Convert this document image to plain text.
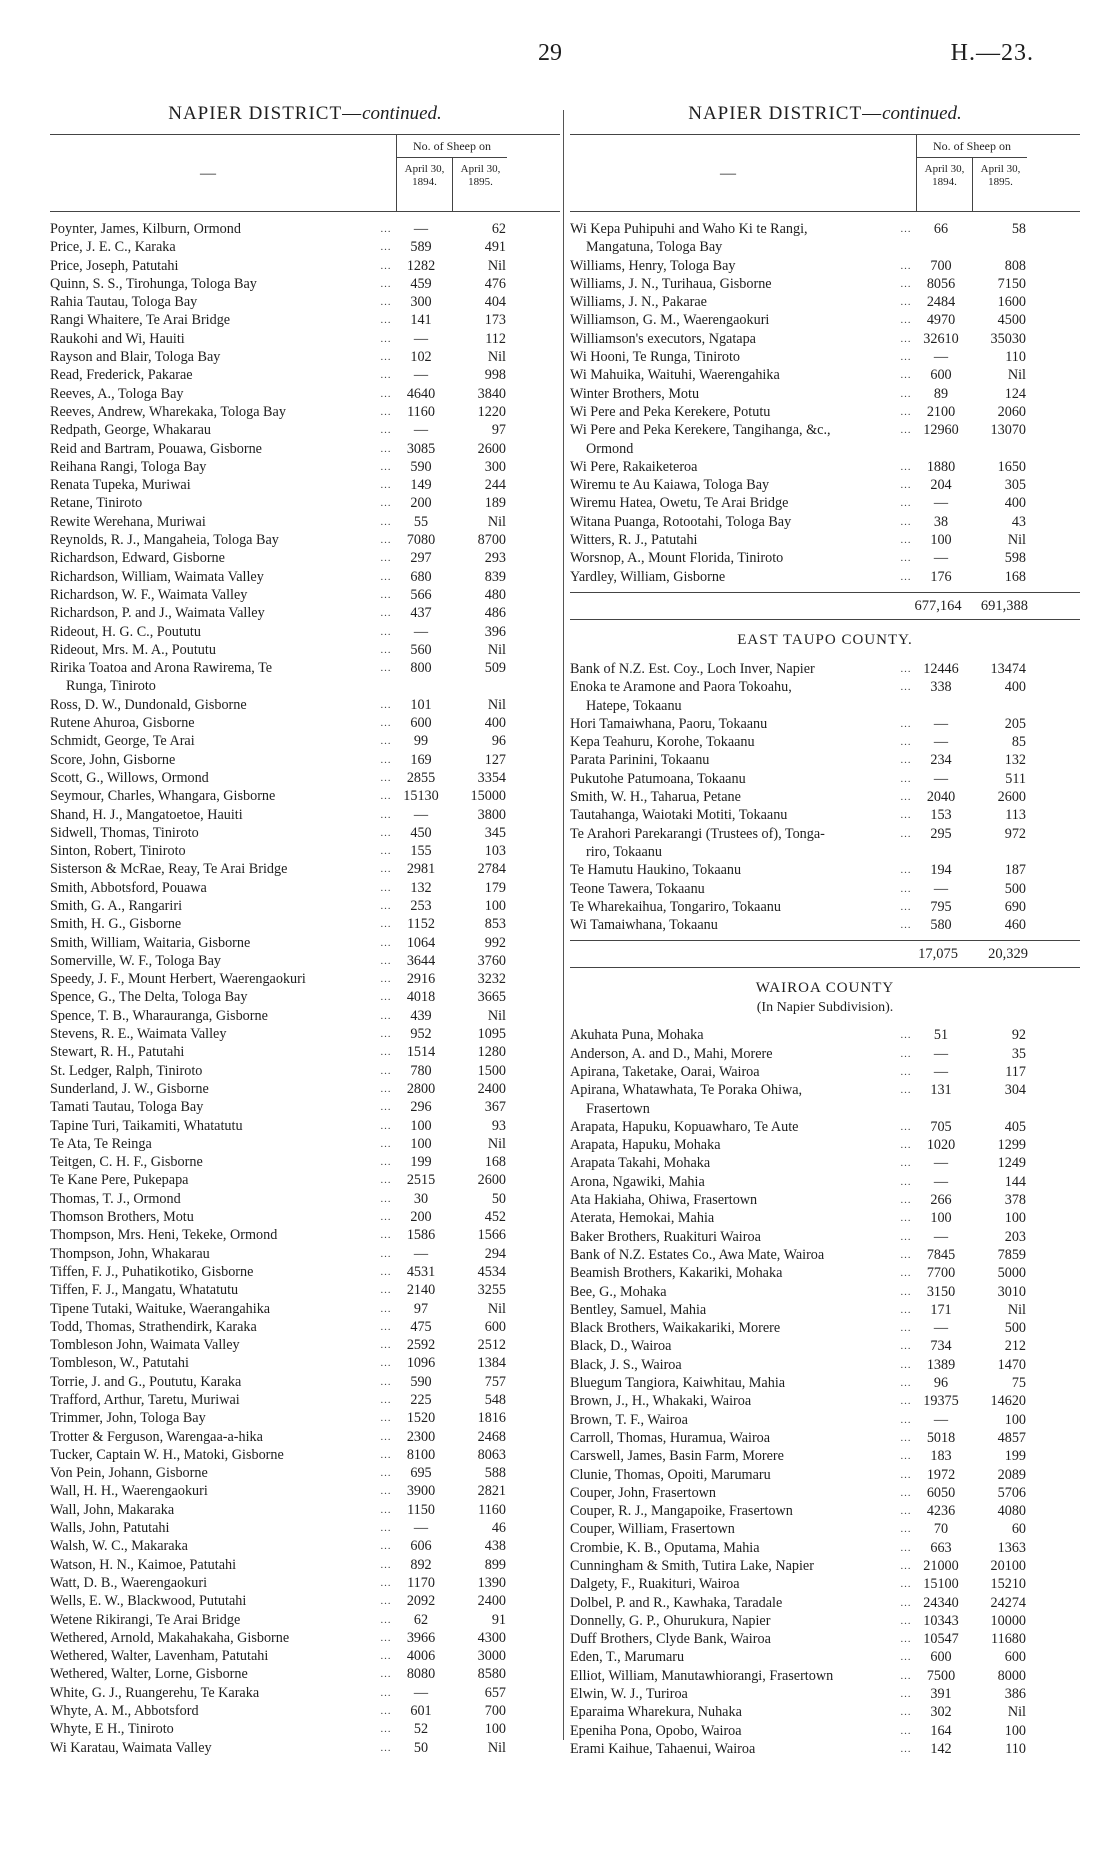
29	H.—23.
NAPIER DISTRICT—continued.
—
No. of Sheep on
April 30, 1894.
April 30, 1895.
Poynter, James, Kilburn, Ormond	—	62
…
Price, J. E. C., Karaka	589	491
…
Price, Joseph, Patutahi	1282	Nil
…
Quinn, S. S., Tirohunga, Tologa Bay	459	476
…
Rahia Tautau, Tologa Bay	300	404
…
Rangi Whaitere, Te Arai Bridge	141	173
…
Raukohi and Wi, Hauiti	—	112
…
Rayson and Blair, Tologa Bay	102	Nil
…
Read, Frederick, Pakarae	—	998
…
Reeves, A., Tologa Bay	4640	3840
…
Reeves, Andrew, Wharekaka, Tologa Bay	1160	1220
…
Redpath, George, Whakarau	—	97
…
Reid and Bartram, Pouawa, Gisborne	3085	2600
…
Reihana Rangi, Tologa Bay	590	300
…
Renata Tupeka, Muriwai	149	244
…
Retane, Tiniroto	200	189
…
Rewite Werehana, Muriwai	55	Nil
…
Reynolds, R. J., Mangaheia, Tologa Bay	7080	8700
…
Richardson, Edward, Gisborne	297	293
…
Richardson, William, Waimata Valley	680	839
…
Richardson, W. F., Waimata Valley	566	480
…
Richardson, P. and J., Waimata Valley	437	486
…
Rideout, H. G. C., Poututu	—	396
…
Rideout, Mrs. M. A., Poututu	560	Nil
…
Ririka Toatoa and Arona Rawirema, Te	800	509
…
Runga, Tiniroto
Ross, D. W., Dundonald, Gisborne	101	Nil
…
Rutene Ahuroa, Gisborne	600	400
…
Schmidt, George, Te Arai	99	96
…
Score, John, Gisborne	169	127
…
Scott, G., Willows, Ormond	2855	3354
…
Seymour, Charles, Whangara, Gisborne	15130	15000
…
Shand, H. J., Mangatoetoe, Hauiti	—	3800
…
Sidwell, Thomas, Tiniroto	450	345
…
Sinton, Robert, Tiniroto	155	103
…
Sisterson & McRae, Reay, Te Arai Bridge	2981	2784
…
Smith, Abbotsford, Pouawa	132	179
…
Smith, G. A., Rangariri	253	100
…
Smith, H. G., Gisborne	1152	853
…
Smith, William, Waitaria, Gisborne	1064	992
…
Somerville, W. F., Tologa Bay	3644	3760
…
Speedy, J. F., Mount Herbert, Waerengaokuri	2916	3232
…
Spence, G., The Delta, Tologa Bay	4018	3665
…
Spence, T. B., Wharauranga, Gisborne	439	Nil
…
Stevens, R. E., Waimata Valley	952	1095
…
Stewart, R. H., Patutahi	1514	1280
…
St. Ledger, Ralph, Tiniroto	780	1500
…
Sunderland, J. W., Gisborne	2800	2400
…
Tamati Tautau, Tologa Bay	296	367
…
Tapine Turi, Taikamiti, Whatatutu	100	93
…
Te Ata, Te Reinga	100	Nil
…
Teitgen, C. H. F., Gisborne	199	168
…
Te Kane Pere, Pukepapa	2515	2600
…
Thomas, T. J., Ormond	30	50
…
Thomson Brothers, Motu	200	452
…
Thompson, Mrs. Heni, Tekeke, Ormond	1586	1566
…
Thompson, John, Whakarau	—	294
…
Tiffen, F. J., Puhatikotiko, Gisborne	4531	4534
…
Tiffen, F. J., Mangatu, Whatatutu	2140	3255
…
Tipene Tutaki, Waituke, Waerangahika	97	Nil
…
Todd, Thomas, Strathendirk, Karaka	475	600
…
Tombleson John, Waimata Valley	2592	2512
…
Tombleson, W., Patutahi	1096	1384
…
Torrie, J. and G., Poututu, Karaka	590	757
…
Trafford, Arthur, Taretu, Muriwai	225	548
…
Trimmer, John, Tologa Bay	1520	1816
…
Trotter & Ferguson, Warengaa-a-hika	2300	2468
…
Tucker, Captain W. H., Matoki, Gisborne	8100	8063
…
Von Pein, Johann, Gisborne	695	588
…
Wall, H. H., Waerengaokuri	3900	2821
…
Wall, John, Makaraka	1150	1160
…
Walls, John, Patutahi	—	46
…
Walsh, W. C., Makaraka	606	438
…
Watson, H. N., Kaimoe, Patutahi	892	899
…
Watt, D. B., Waerengaokuri	1170	1390
…
Wells, E. W., Blackwood, Pututahi	2092	2400
…
Wetene Rikirangi, Te Arai Bridge	62	91
…
Wethered, Arnold, Makahakaha, Gisborne	3966	4300
…
Wethered, Walter, Lavenham, Patutahi	4006	3000
…
Wethered, Walter, Lorne, Gisborne	8080	8580
…
White, G. J., Ruangerehu, Te Karaka	—	657
…
Whyte, A. M., Abbotsford	601	700
…
Whyte, E H., Tiniroto	52	100
…
Wi Karatau, Waimata Valley	50	Nil
…
NAPIER DISTRICT—continued.
—
No. of Sheep on
April 30, 1894.
April 30, 1895.
Wi Kepa Puhipuhi and Waho Ki te Rangi,	66	58
…
Mangatuna, Tologa Bay
Williams, Henry, Tologa Bay	700	808
…
Williams, J. N., Turihaua, Gisborne	8056	7150
…
Williams, J. N., Pakarae	2484	1600
…
Williamson, G. M., Waerengaokuri	4970	4500
…
Williamson's executors, Ngatapa	32610	35030
…
Wi Hooni, Te Runga, Tiniroto	—	110
…
Wi Mahuika, Waituhi, Waerengahika	600	Nil
…
Winter Brothers, Motu	89	124
…
Wi Pere and Peka Kerekere, Potutu	2100	2060
…
Wi Pere and Peka Kerekere, Tangihanga, &c.,	12960	13070
…
Ormond
Wi Pere, Rakaiketeroa	1880	1650
…
Wiremu te Au Kaiawa, Tologa Bay	204	305
…
Wiremu Hatea, Owetu, Te Arai Bridge	—	400
…
Witana Puanga, Rotootahi, Tologa Bay	38	43
…
Witters, R. J., Patutahi	100	Nil
…
Worsnop, A., Mount Florida, Tiniroto	—	598
…
Yardley, William, Gisborne	176	168
…
677,164	691,388
EAST TAUPO COUNTY.
Bank of N.Z. Est. Coy., Loch Inver, Napier	12446	13474
…
Enoka te Aramone and Paora Tokoahu,	338	400
…
Hatepe, Tokaanu
Hori Tamaiwhana, Paoru, Tokaanu	—	205
…
Kepa Teahuru, Korohe, Tokaanu	—	85
…
Parata Parinini, Tokaanu	234	132
…
Pukutohe Patumoana, Tokaanu	—	511
…
Smith, W. H., Taharua, Petane	2040	2600
…
Tautahanga, Waiotaki Motiti, Tokaanu	153	113
…
Te Arahori Parekarangi (Trustees of), Tonga-	295	972
…
riro, Tokaanu
Te Hamutu Haukino, Tokaanu	194	187
…
Teone Tawera, Tokaanu	—	500
…
Te Wharekaihua, Tongariro, Tokaanu	795	690
…
Wi Tamaiwhana, Tokaanu	580	460
…
17,075	20,329
WAIROA COUNTY
(In Napier Subdivision).
Akuhata Puna, Mohaka	51	92
…
Anderson, A. and D., Mahi, Morere	—	35
…
Apirana, Taketake, Oarai, Wairoa	—	117
…
Apirana, Whatawhata, Te Poraka Ohiwa,	131	304
…
Frasertown
Arapata, Hapuku, Kopuawharo, Te Aute	705	405
…
Arapata, Hapuku, Mohaka	1020	1299
…
Arapata Takahi, Mohaka	—	1249
…
Arona, Ngawiki, Mahia	—	144
…
Ata Hakiaha, Ohiwa, Frasertown	266	378
…
Aterata, Hemokai, Mahia	100	100
…
Baker Brothers, Ruakituri Wairoa	—	203
…
Bank of N.Z. Estates Co., Awa Mate, Wairoa	7845	7859
…
Beamish Brothers, Kakariki, Mohaka	7700	5000
…
Bee, G., Mohaka	3150	3010
…
Bentley, Samuel, Mahia	171	Nil
…
Black Brothers, Waikakariki, Morere	—	500
…
Black, D., Wairoa	734	212
…
Black, J. S., Wairoa	1389	1470
…
Bluegum Tangiora, Kaiwhitau, Mahia	96	75
…
Brown, J., H., Whakaki, Wairoa	19375	14620
…
Brown, T. F., Wairoa	—	100
…
Carroll, Thomas, Huramua, Wairoa	5018	4857
…
Carswell, James, Basin Farm, Morere	183	199
…
Clunie, Thomas, Opoiti, Marumaru	1972	2089
…
Couper, John, Frasertown	6050	5706
…
Couper, R. J., Mangapoike, Frasertown	4236	4080
…
Couper, William, Frasertown	70	60
…
Crombie, K. B., Oputama, Mahia	663	1363
…
Cunningham & Smith, Tutira Lake, Napier	21000	20100
…
Dalgety, F., Ruakituri, Wairoa	15100	15210
…
Dolbel, P. and R., Kawhaka, Taradale	24340	24274
…
Donnelly, G. P., Ohurukura, Napier	10343	10000
…
Duff Brothers, Clyde Bank, Wairoa	10547	11680
…
Eden, T., Marumaru	600	600
…
Elliot, William, Manutawhiorangi, Frasertown	7500	8000
…
Elwin, W. J., Turiroa	391	386
…
Eparaima Wharekura, Nuhaka	302	Nil
…
Epeniha Pona, Opobo, Wairoa	164	100
…
Erami Kaihue, Tahaenui, Wairoa	142	110
…
